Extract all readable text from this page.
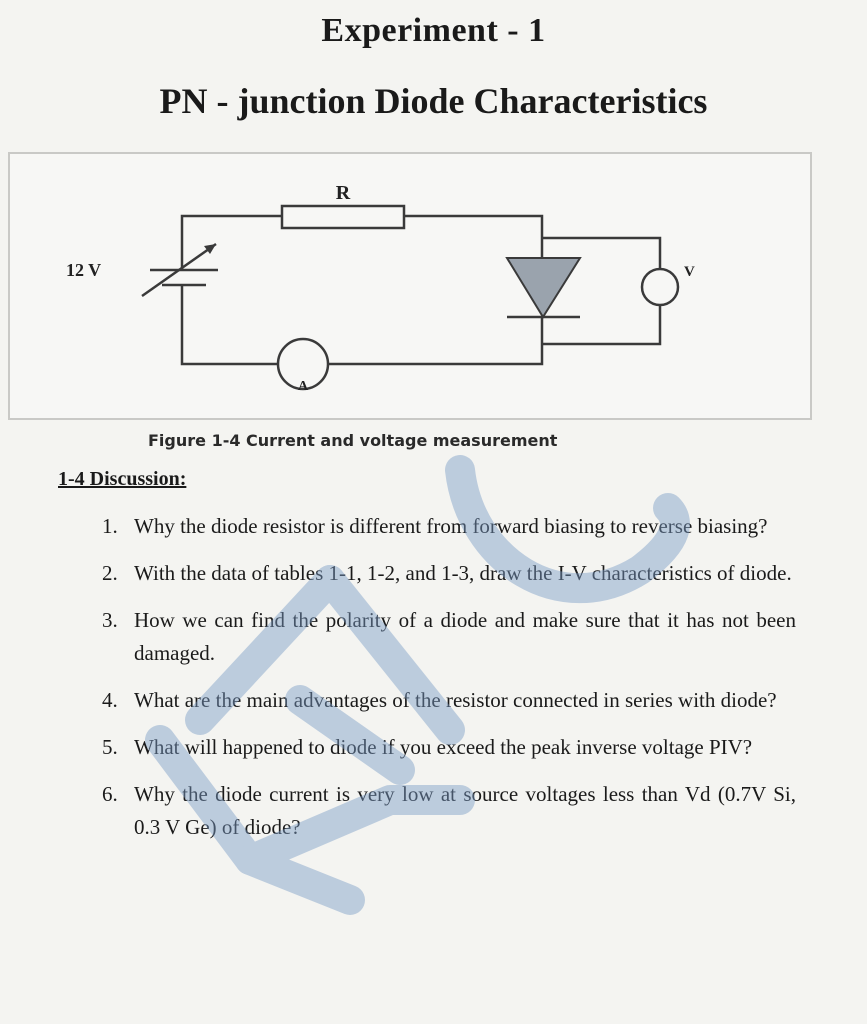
Experiment - 1
PN - junction Diode Characteristics
R
12 V	V
A
Figure 1-4 Current and voltage measurement
1-4 Discussion:
1. Why the diode resistor is different from forward biasing to reverse biasing?
2. With the data of tables 1-1, 1-2, and 1-3, draw the I-V characteristics of diode.
3. How we can find the polarity of a diode and make sure that it has not been damaged.
4. What are the main advantages of the resistor connected in series with diode?
5. What will happened to diode if you exceed the peak inverse voltage PIV?
6. Why the diode current is very low at source voltages less than Vd (0.7V Si, 0.3 V Ge) of diode?
